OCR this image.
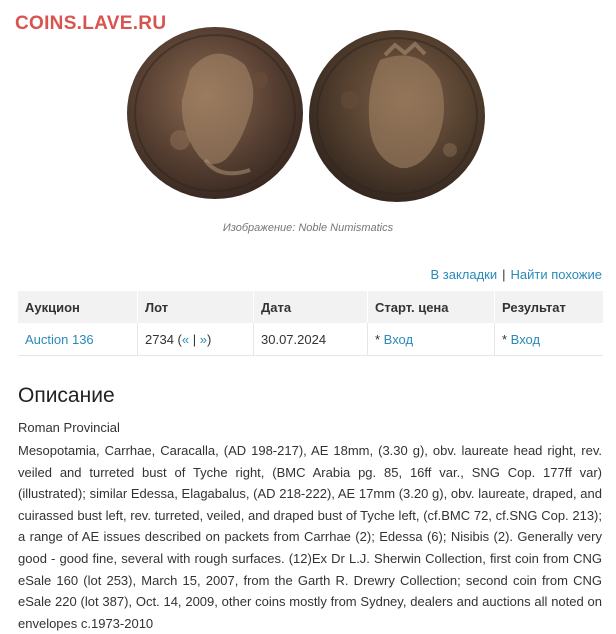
COINS.LAVE.RU
Изображение: Noble Numismatics
В закладки | Найти похожие
Аукцион	Лот	Дата	Старт. цена	Результат
Auction 136	2734 (« | »)	30.07.2024	* Вход	* Вход
Описание
Roman Provincial
Mesopotamia, Carrhae, Caracalla, (AD 198-217), AE 18mm, (3.30 g), obv. laureate head right, rev. veiled and turreted bust of Tyche right, (BMC Arabia pg. 85, 16ff var., SNG Cop. 177ff var) (illustrated); similar Edessa, Elagabalus, (AD 218-222), AE 17mm (3.20 g), obv. laureate, draped, and cuirassed bust left, rev. turreted, veiled, and draped bust of Tyche left, (cf.BMC 72, cf.SNG Cop. 213); a range of AE issues described on packets from Carrhae (2); Edessa (6); Nisibis (2). Generally very good - good fine, several with rough surfaces. (12)Ex Dr L.J. Sherwin Collection, first coin from CNG eSale 160 (lot 253), March 15, 2007, from the Garth R. Drewry Collection; second coin from CNG eSale 220 (lot 387), Oct. 14, 2009, other coins mostly from Sydney, dealers and auctions all noted on envelopes c.1973-2010
